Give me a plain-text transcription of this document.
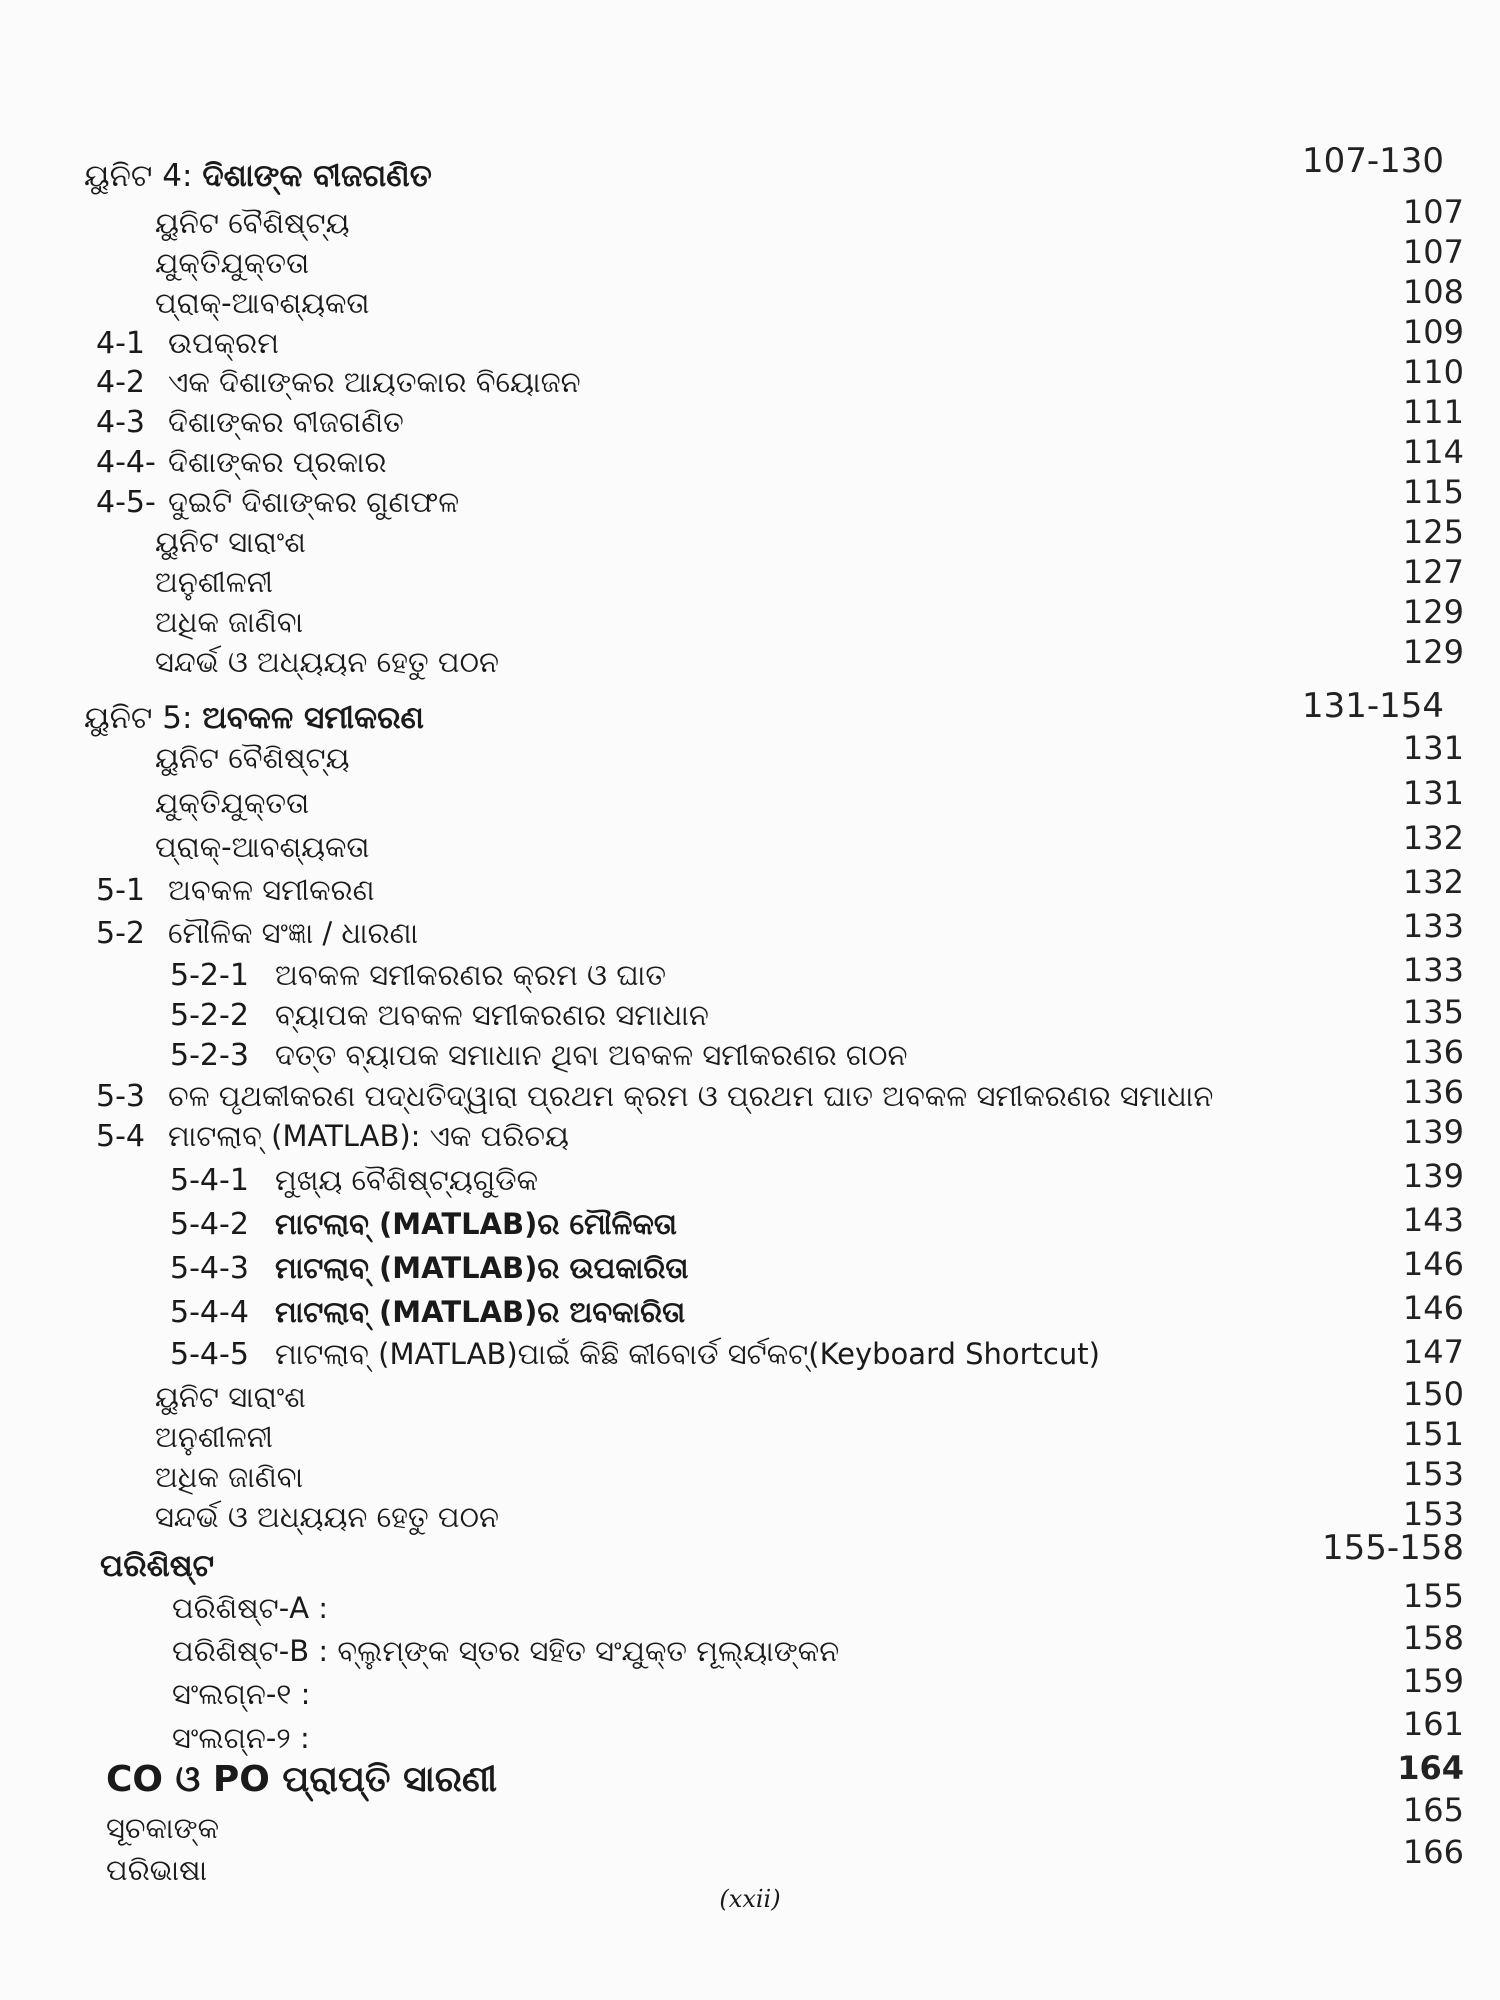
ୟୁନିଟ 4: ଦିଶାଙ୍କ ବୀଜଗଣିତ	107-130
ୟୁନିଟ ବୈଶିଷ୍ଟ୍ୟ	107
ଯୁକ୍ତିଯୁକ୍ତତା	107
ପ୍ରାକ୍-ଆବଶ୍ୟକତା	108
4-1 ଉପକ୍ରମ	109
4-2 ଏକ ଦିଶାଙ୍କର ଆୟତକାର ବିୟୋଜନ	110
4-3 ଦିଶାଙ୍କର ବୀଜଗଣିତ	111
4-4- ଦିଶାଙ୍କର ପ୍ରକାର	114
4-5- ଦୁଇଟି ଦିଶାଙ୍କର ଗୁଣଫଳ	115
ୟୁନିଟ ସାରାଂଶ	125
ଅନୁଶୀଳନୀ	127
ଅଧିକ ଜାଣିବା	129
ସନ୍ଦର୍ଭ ଓ ଅଧ୍ୟୟନ ହେତୁ ପଠନ	129
ୟୁନିଟ 5: ଅବକଳ ସମୀକରଣ	131-154
ୟୁନିଟ ବୈଶିଷ୍ଟ୍ୟ	131
ଯୁକ୍ତିଯୁକ୍ତତା	131
ପ୍ରାକ୍-ଆବଶ୍ୟକତା	132
5-1 ଅବକଳ ସମୀକରଣ	132
5-2 ମୌଳିକ ସଂଜ୍ଞା / ଧାରଣା	133
5-2-1 ଅବକଳ ସମୀକରଣର କ୍ରମ ଓ ଘାତ	133
5-2-2 ବ୍ୟାପକ ଅବକଳ ସମୀକରଣର ସମାଧାନ	135
5-2-3 ଦତ୍ତ ବ୍ୟାପକ ସମାଧାନ ଥିବା ଅବକଳ ସମୀକରଣର ଗଠନ	136
5-3 ଚଳ ପୃଥକୀକରଣ ପଦ୍ଧତିଦ୍ୱାରା ପ୍ରଥମ କ୍ରମ ଓ ପ୍ରଥମ ଘାତ ଅବକଳ ସମୀକରଣର ସମାଧାନ	136
5-4 ମାଟଲାବ୍ (MATLAB): ଏକ ପରିଚୟ	139
5-4-1 ମୁଖ୍ୟ ବୈଶିଷ୍ଟ୍ୟଗୁଡିକ	139
5-4-2 ମାଟଲାବ୍ (MATLAB)ର ମୌଳିକତା	143
5-4-3 ମାଟଲାବ୍ (MATLAB)ର ଉପକାରିତା	146
5-4-4 ମାଟଲାବ୍ (MATLAB)ର ଅବକାରିତା	146
5-4-5 ମାଟଲାବ୍ (MATLAB)ପାଇଁ କିଛି କୀବୋର୍ଡ ସର୍ଟକଟ୍(Keyboard Shortcut)	147
ୟୁନିଟ ସାରାଂଶ	150
ଅନୁଶୀଳନୀ	151
ଅଧିକ ଜାଣିବା	153
ସନ୍ଦର୍ଭ ଓ ଅଧ୍ୟୟନ ହେତୁ ପଠନ	153
ପରିଶିଷ୍ଟ	155-158
ପରିଶିଷ୍ଟ-A :	155
ପରିଶିଷ୍ଟ-B : ବ୍ଲୁମ୍‌ଙ୍କ ସ୍ତର ସହିତ ସଂଯୁକ୍ତ ମୂଲ୍ୟାଙ୍କନ	158
ସଂଲଗ୍ନ-୧ :	159
ସଂଲଗ୍ନ-୨ :	161
CO ଓ PO ପ୍ରାପ୍ତି ସାରଣୀ	164
ସୂଚକାଙ୍କ	165
ପରିଭାଷା	166
(xxii)
